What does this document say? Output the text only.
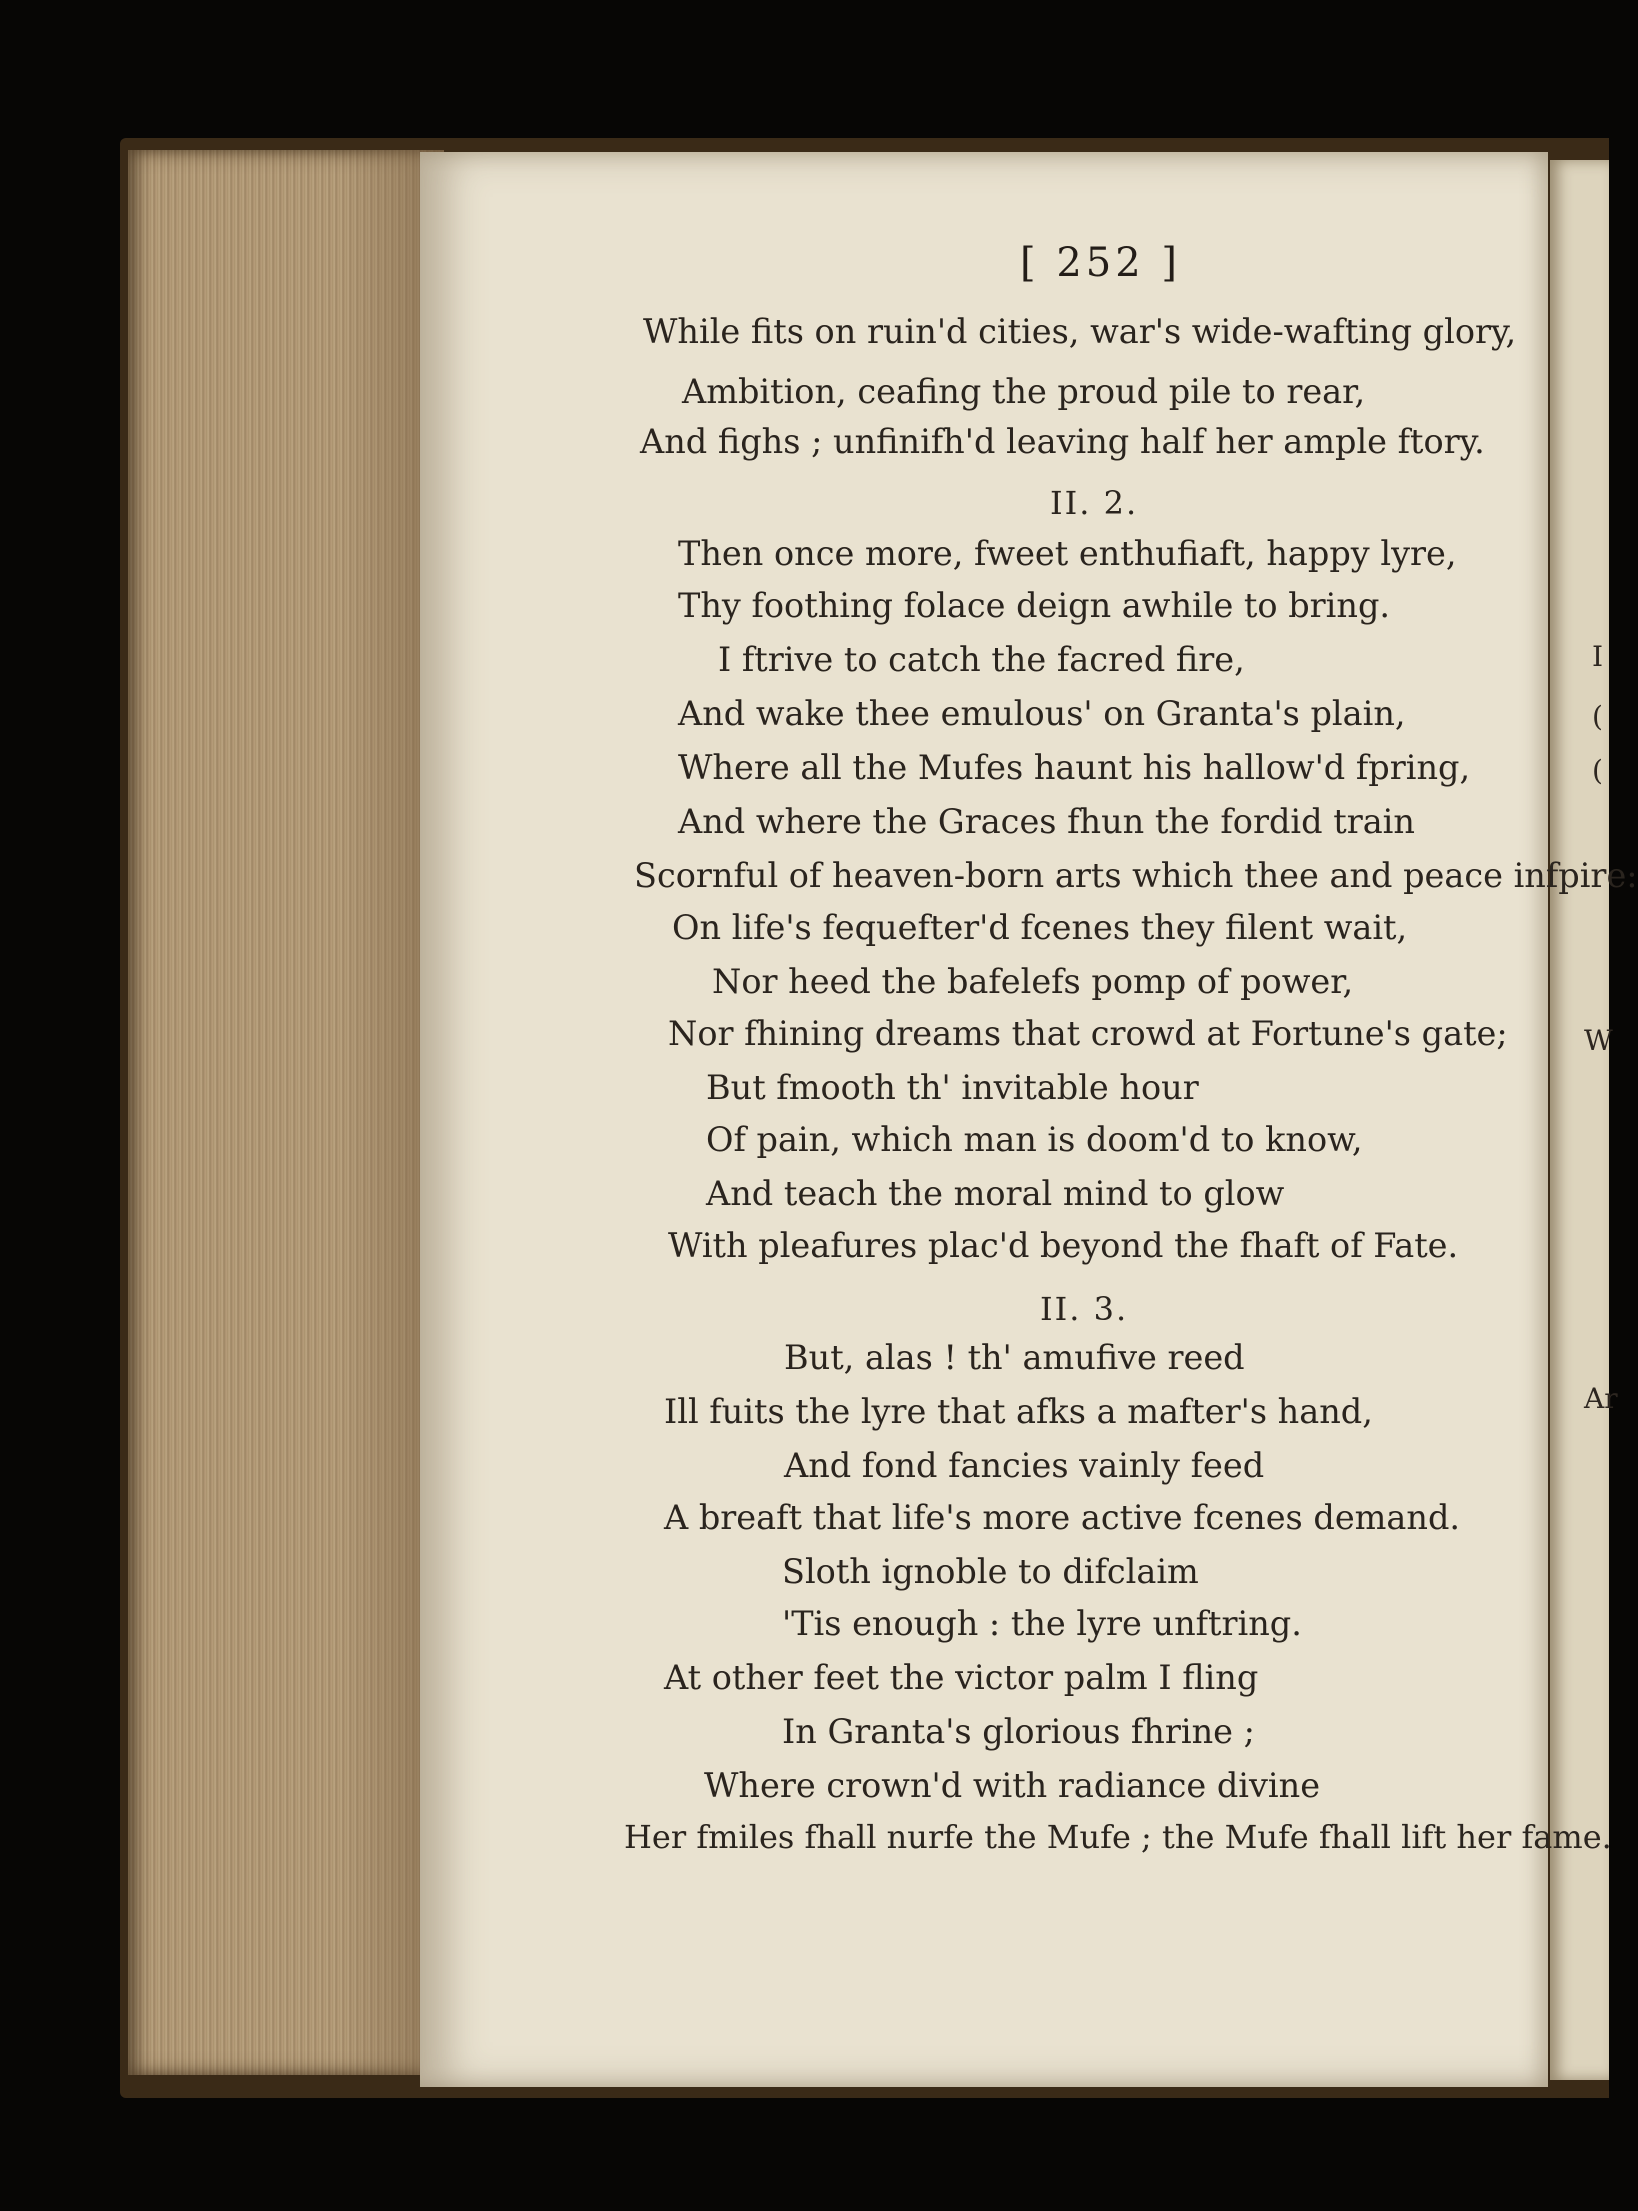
I
(
(
W
Ar
[ 252 ]
While fits on ruin'd cities, war's wide-wafting glory,
Ambition, ceafing the proud pile to rear,
And fighs ; unfinifh'd leaving half her ample ftory.
II. 2.
Then once more, fweet enthufiaft, happy lyre,
Thy foothing folace deign awhile to bring.
I ftrive to catch the facred fire,
And wake thee emulous' on Granta's plain,
Where all the Mufes haunt his hallow'd fpring,
And where the Graces fhun the fordid train
Scornful of heaven-born arts which thee and peace infpire:
On life's fequefter'd fcenes they filent wait,
Nor heed the bafelefs pomp of power,
Nor fhining dreams that crowd at Fortune's gate;
But fmooth th' invitable hour
Of pain, which man is doom'd to know,
And teach the moral mind to glow
With pleafures plac'd beyond the fhaft of Fate.
II. 3.
But, alas ! th' amufive reed
Ill fuits the lyre that afks a mafter's hand,
And fond fancies vainly feed
A breaft that life's more active fcenes demand.
Sloth ignoble to difclaim
'Tis enough : the lyre unftring.
At other feet the victor palm I fling
In Granta's glorious fhrine ;
Where crown'd with radiance divine
Her fmiles fhall nurfe the Mufe ; the Mufe fhall lift her fame.
